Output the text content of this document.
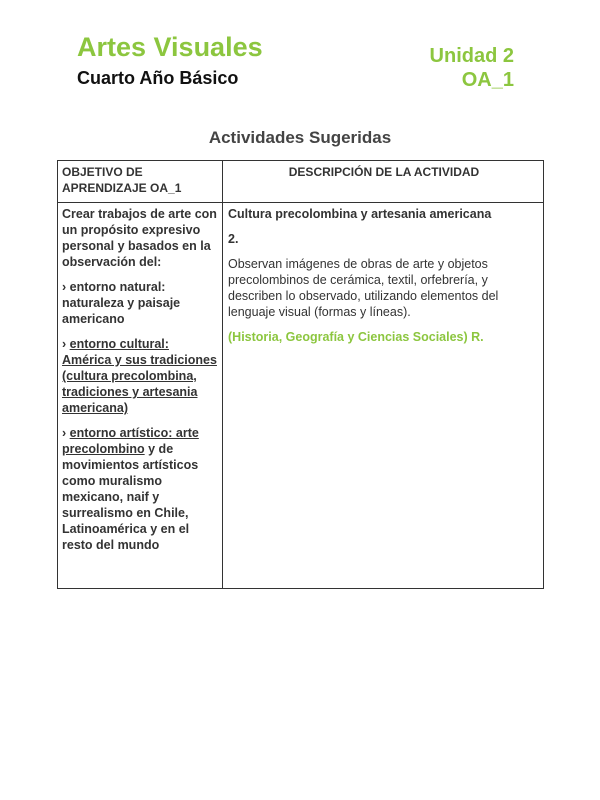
Artes Visuales
Cuarto Año Básico
Unidad 2
OA_1
Actividades Sugeridas
OBJETIVO DE APRENDIZAJE OA_1
DESCRIPCIÓN DE LA ACTIVIDAD

Crear trabajos de arte con un propósito expresivo personal y basados en la observación del:

› entorno natural: naturaleza y paisaje americano

› entorno cultural: América y sus tradiciones (cultura precolombina, tradiciones y artesania americana)

› entorno artístico: arte precolombino y de movimientos artísticos como muralismo mexicano, naif y surrealismo en Chile, Latinoamérica y en el resto del mundo

Cultura precolombina y artesania americana

2.

Observan imágenes de obras de arte y objetos precolombinos de cerámica, textil, orfebrería, y describen lo observado, utilizando elementos del lenguaje visual (formas y líneas).

(Historia, Geografía y Ciencias Sociales) R.
